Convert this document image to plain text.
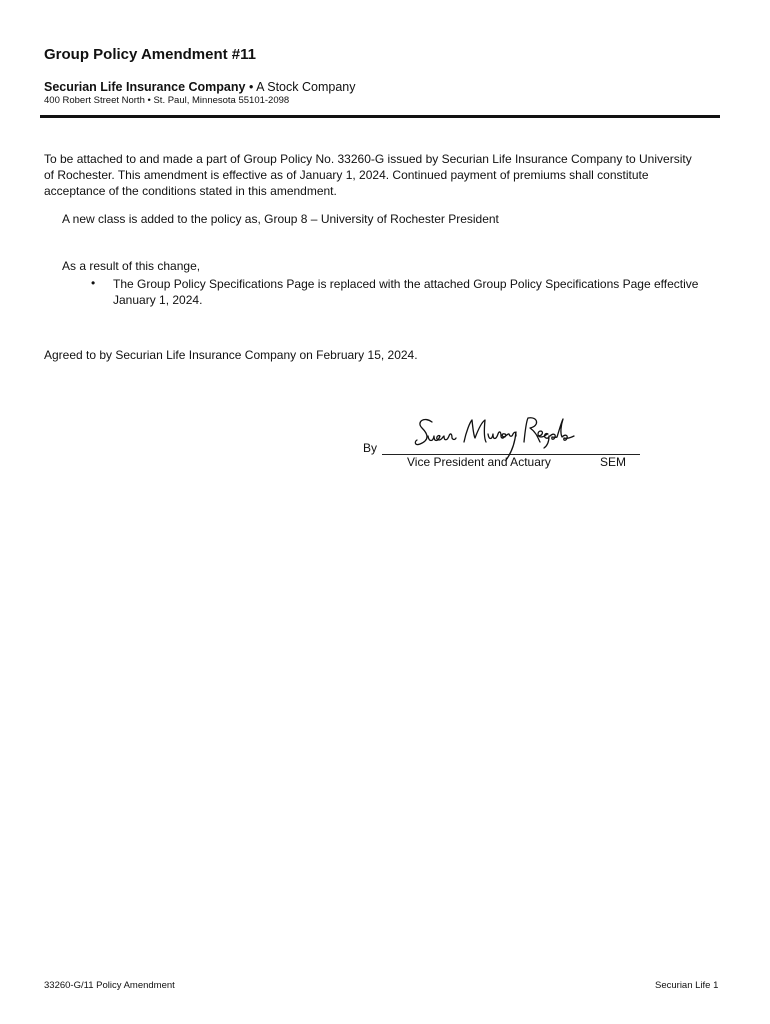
Group Policy Amendment #11
Securian Life Insurance Company • A Stock Company
400 Robert Street North • St. Paul, Minnesota 55101-2098
To be attached to and made a part of Group Policy No. 33260-G issued by Securian Life Insurance Company to University of Rochester. This amendment is effective as of January 1, 2024. Continued payment of premiums shall constitute acceptance of the conditions stated in this amendment.
A new class is added to the policy as, Group 8 – University of Rochester President
As a result of this change,
• The Group Policy Specifications Page is replaced with the attached Group Policy Specifications Page effective January 1, 2024.
Agreed to by Securian Life Insurance Company on February 15, 2024.
By
Vice President and Actuary	SEM
33260-G/11 Policy Amendment	Securian Life 1
